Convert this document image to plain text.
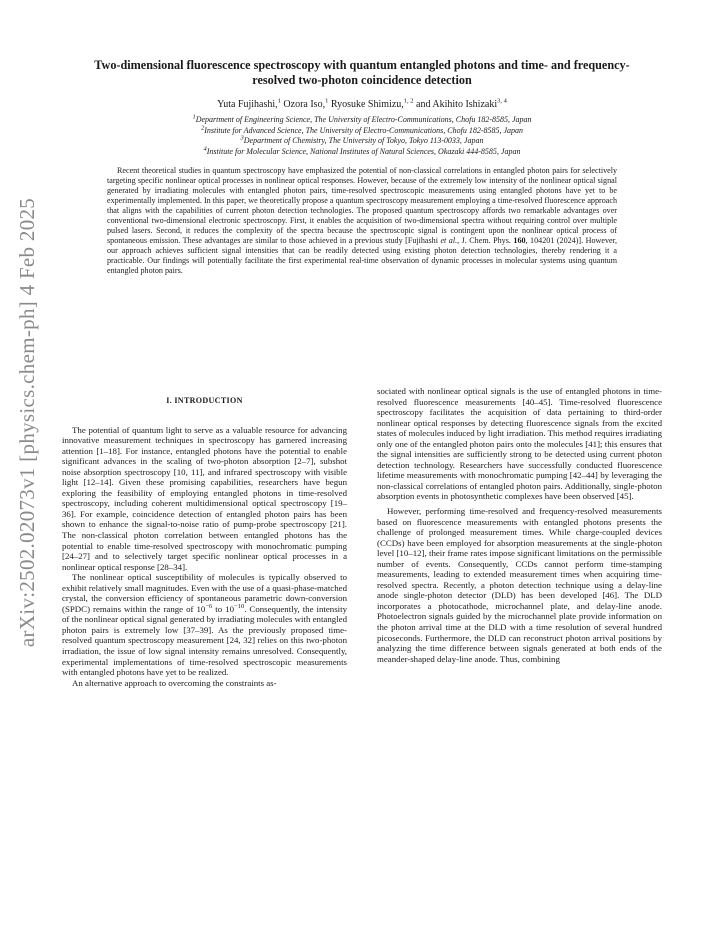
arXiv:2502.02073v1 [physics.chem-ph] 4 Feb 2025
Two-dimensional fluorescence spectroscopy with quantum entangled photons and time- and frequency-resolved two-photon coincidence detection
Yuta Fujihashi,$^1$ Ozora Iso,$^1$ Ryosuke Shimizu,$^{1, 2}$ and Akihito Ishizaki$^{3, 4}$
$^1$Department of Engineering Science, The University of Electro-Communications, Chofu 182-8585, Japan
$^2$Institute for Advanced Science, The University of Electro-Communications, Chofu 182-8585, Japan
$^3$Department of Chemistry, The University of Tokyo, Tokyo 113-0033, Japan
$^4$Institute for Molecular Science, National Institutes of Natural Sciences, Okazaki 444-8585, Japan
Recent theoretical studies in quantum spectroscopy have emphasized the potential of non-classical correlations in entangled photon pairs for selectively targeting specific nonlinear optical processes in nonlinear optical responses. However, because of the extremely low intensity of the nonlinear optical signal generated by irradiating molecules with entangled photon pairs, time-resolved spectroscopic measurements using entangled photons have yet to be experimentally implemented. In this paper, we theoretically propose a quantum spectroscopy measurement employing a time-resolved fluorescence approach that aligns with the capabilities of current photon detection technologies. The proposed quantum spectroscopy affords two remarkable advantages over conventional two-dimensional electronic spectroscopy. First, it enables the acquisition of two-dimensional spectra without requiring control over multiple pulsed lasers. Second, it reduces the complexity of the spectra because the spectroscopic signal is contingent upon the nonlinear optical process of spontaneous emission. These advantages are similar to those achieved in a previous study [Fujihashi et al., J. Chem. Phys. 160, 104201 (2024)]. However, our approach achieves sufficient signal intensities that can be readily detected using existing photon detection technologies, thereby rendering it a practicable. Our findings will potentially facilitate the first experimental real-time observation of dynamic processes in molecular systems using quantum entangled photon pairs.
I. INTRODUCTION

The potential of quantum light to serve as a valuable resource for advancing innovative measurement techniques in spectroscopy has garnered increasing attention [1–18]. For instance, entangled photons have the potential to enable significant advances in the scaling of two-photon absorption [2–7], subshot noise absorption spectroscopy [10, 11], and infrared spectroscopy with visible light [12–14]. Given these promising capabilities, researchers have begun exploring the feasibility of employing entangled photons in time-resolved spectroscopy, including coherent multidimensional optical spectroscopy [19–36]. For example, coincidence detection of entangled photon pairs has been shown to enhance the signal-to-noise ratio of pump-probe spectroscopy [21]. The non-classical photon correlation between entangled photons has the potential to enable time-resolved spectroscopy with monochromatic pumping [24–27] and to selectively target specific nonlinear optical processes in a nonlinear optical response [28–34].

The nonlinear optical susceptibility of molecules is typically observed to exhibit relatively small magnitudes. Even with the use of a quasi-phase-matched crystal, the conversion efficiency of spontaneous parametric down-conversion (SPDC) remains within the range of $10^{-6}$ to $10^{-10}$. Consequently, the intensity of the nonlinear optical signal generated by irradiating molecules with entangled photon pairs is extremely low [37–39]. As the previously proposed time-resolved quantum spectroscopy measurement [24, 32] relies on this two-photon irradiation, the issue of low signal intensity remains unresolved. Consequently, experimental implementations of time-resolved spectroscopic measurements with entangled photons have yet to be realized.

An alternative approach to overcoming the constraints as-

sociated with nonlinear optical signals is the use of entangled photons in time-resolved fluorescence measurements [40–45]. Time-resolved fluorescence spectroscopy facilitates the acquisition of data pertaining to third-order nonlinear optical responses by detecting fluorescence signals from the excited states of molecules induced by light irradiation. This method requires irradiating only one of the entangled photon pairs onto the molecules [41]; this ensures that the signal intensities are sufficiently strong to be detected using current photon detection technology. Researchers have successfully conducted fluorescence lifetime measurements with monochromatic pumping [42–44] by leveraging the non-classical correlations of entangled photon pairs. Additionally, single-photon absorption events in photosynthetic complexes have been observed [45].

However, performing time-resolved and frequency-resolved measurements based on fluorescence measurements with entangled photons presents the challenge of prolonged measurement times. While charge-coupled devices (CCDs) have been employed for absorption measurements at the single-photon level [10–12], their frame rates impose significant limitations on the permissible number of events. Consequently, CCDs cannot perform time-stamping measurements, leading to extended measurement times when acquiring time-resolved spectra. Recently, a photon detection technique using a delay-line anode single-photon detector (DLD) has been developed [46]. The DLD incorporates a photocathode, microchannel plate, and delay-line anode. Photoelectron signals guided by the microchannel plate provide information on the photon arrival time at the DLD with a time resolution of several hundred picoseconds. Furthermore, the DLD can reconstruct photon arrival positions by analyzing the time difference between signals generated at both ends of the meander-shaped delay-line anode. Thus, combining
